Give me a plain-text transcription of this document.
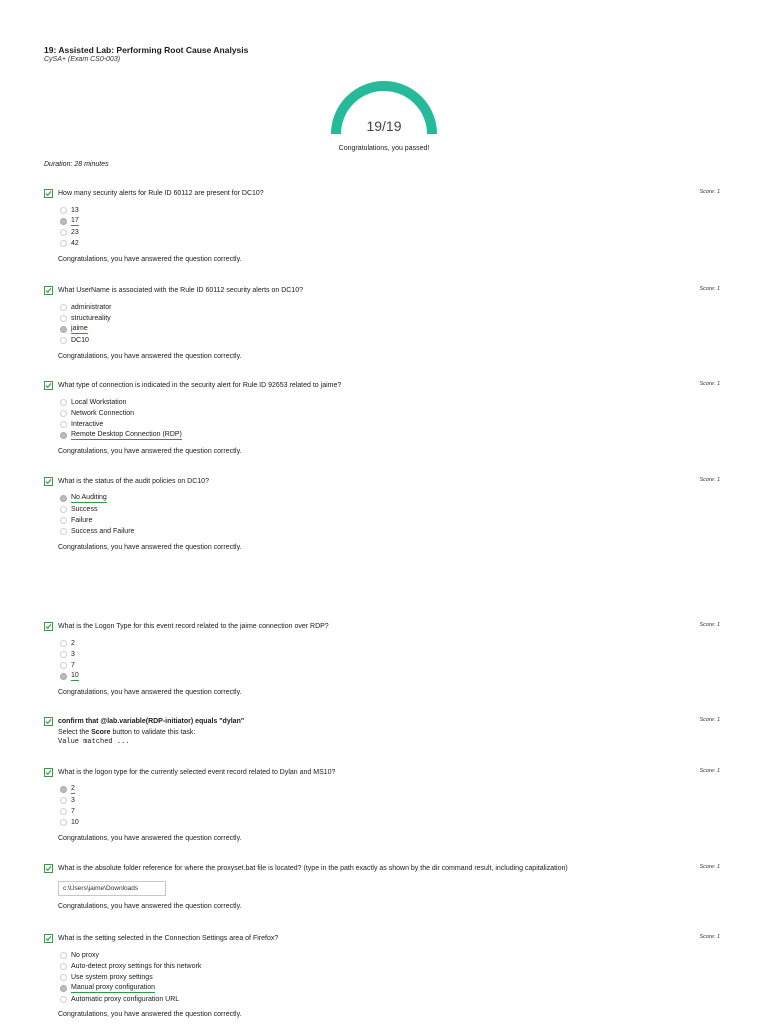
19: Assisted Lab: Performing Root Cause Analysis
CySA+ (Exam CS0-003)
19/19
Congratulations, you passed!
Duration: 28 minutes
How many security alerts for Rule ID 60112 are present for DC10?	Score: 1
13
17
23
42
Congratulations, you have answered the question correctly.
What UserName is associated with the Rule ID 60112 security alerts on DC10?	Score: 1
administrator
structureality
jaime
DC10
Congratulations, you have answered the question correctly.
What type of connection is indicated in the security alert for Rule ID 92653 related to jaime?	Score: 1
Local Workstation
Network Connection
Interactive
Remote Desktop Connection (RDP)
Congratulations, you have answered the question correctly.
What is the status of the audit policies on DC10?	Score: 1
No Auditing
Success
Failure
Success and Failure
Congratulations, you have answered the question correctly.
What is the Logon Type for this event record related to the jaime connection over RDP?	Score: 1
2
3
7
10
Congratulations, you have answered the question correctly.
confirm that @lab.variable(RDP-initiator) equals "dylan"	Score: 1
Select the Score button to validate this task:
Value matched ...
What is the logon type for the currently selected event record related to Dylan and MS10?	Score: 1
2
3
7
10
Congratulations, you have answered the question correctly.
What is the absolute folder reference for where the proxyset.bat file is located? (type in the path exactly as shown by the dir command result, including capitalization)	Score: 1
c:\Users\jaime\Downloads
Congratulations, you have answered the question correctly.
What is the setting selected in the Connection Settings area of Firefox?	Score: 1
No proxy
Auto-detect proxy settings for this network
Use system proxy settings
Manual proxy configuration
Automatic proxy configuration URL
Congratulations, you have answered the question correctly.
